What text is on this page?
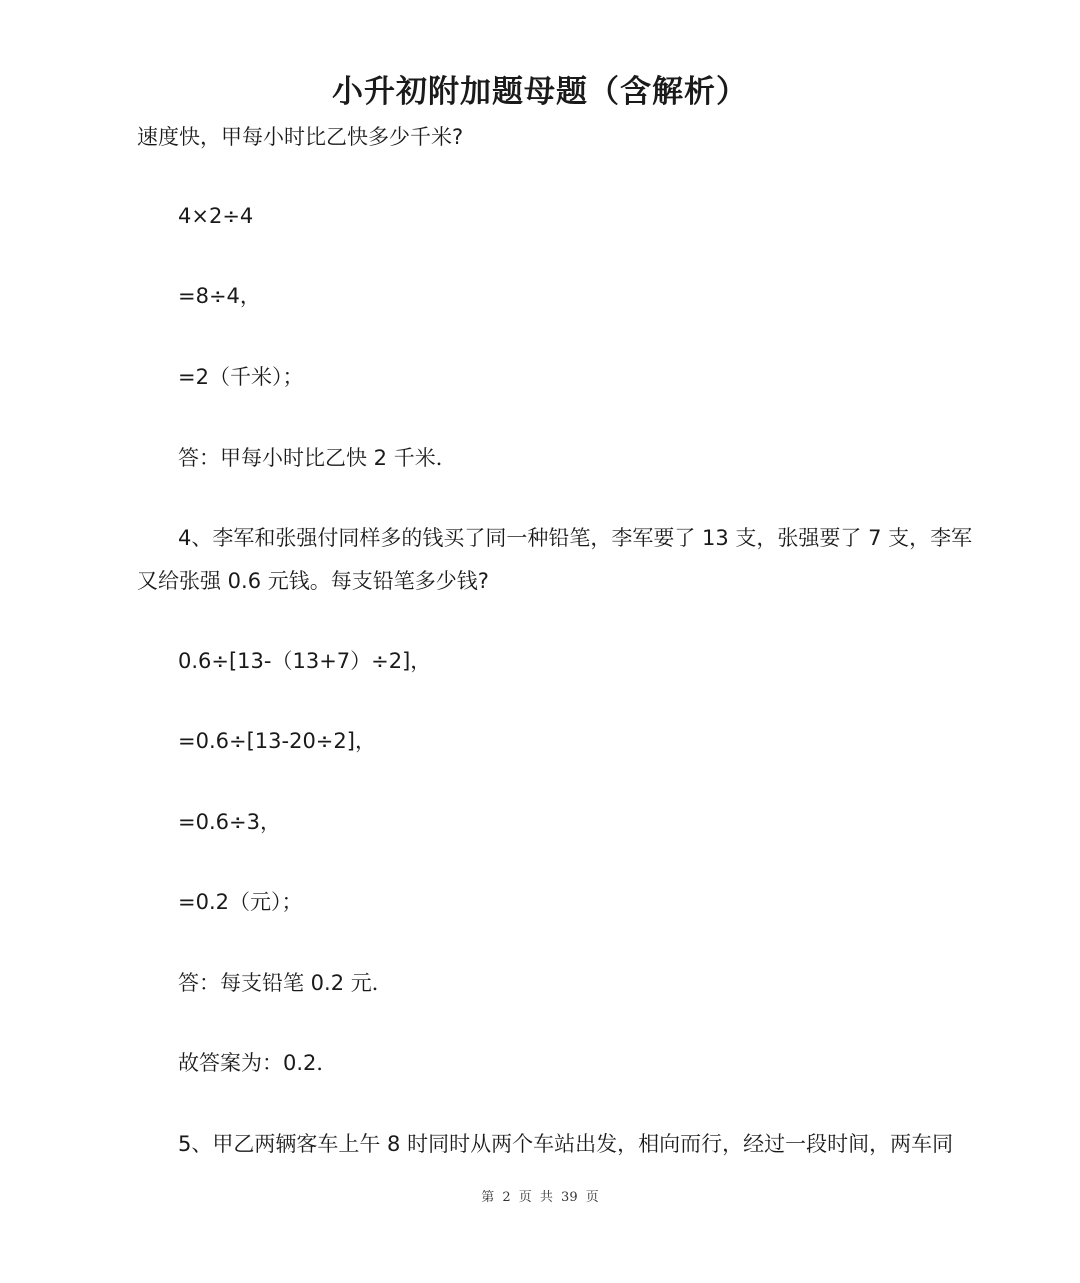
小升初附加题母题（含解析）
速度快，甲每小时比乙快多少千米?
4×2÷4
=8÷4，
=2（千米）；
答：甲每小时比乙快 2 千米．
4、李军和张强付同样多的钱买了同一种铅笔，李军要了 13 支，张强要了 7 支，李军
又给张强 0.6 元钱。每支铅笔多少钱?
0.6÷[13-（13+7）÷2]，
=0.6÷[13-20÷2]，
=0.6÷3，
=0.2（元）；
答：每支铅笔 0.2 元．
故答案为：0.2．
5、甲乙两辆客车上午 8 时同时从两个车站出发，相向而行，经过一段时间，两车同
第 2 页 共 39 页
